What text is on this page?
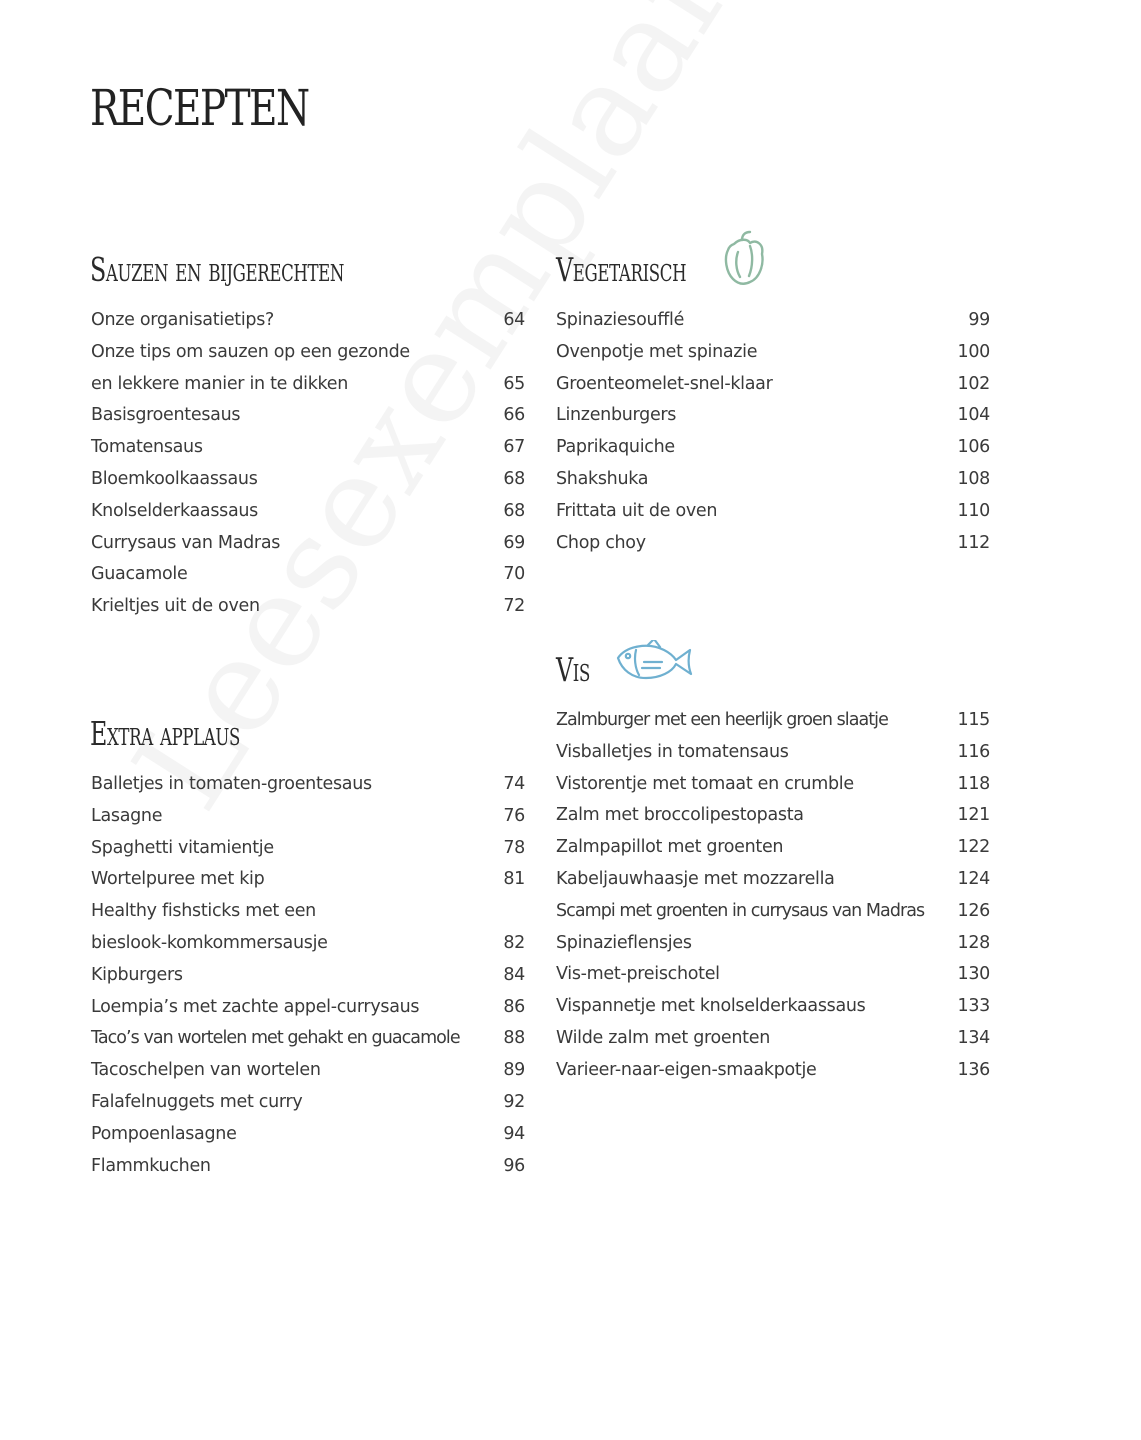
RECEPTEN
Sauzen en bijgerechten
Onze organisatietips?	64
Onze tips om sauzen op een gezonde
en lekkere manier in te dikken	65
Basisgroentesaus	66
Tomatensaus	67
Bloemkoolkaassaus	68
Knolselderkaassaus	68
Currysaus van Madras	69
Guacamole	70
Krieltjes uit de oven	72
Extra applaus
Balletjes in tomaten-groentesaus	74
Lasagne	76
Spaghetti vitamientje	78
Wortelpuree met kip	81
Healthy fishsticks met een
bieslook-komkommersausje	82
Kipburgers	84
Loempia’s met zachte appel-currysaus	86
Taco’s van wortelen met gehakt en guacamole 88
Tacoschelpen van wortelen	89
Falafelnuggets met curry	92
Pompoenlasagne	94
Flammkuchen	96
Vegetarisch
Spinaziesoufflé	99
Ovenpotje met spinazie	100
Groenteomelet-snel-klaar	102
Linzenburgers	104
Paprikaquiche	106
Shakshuka	108
Frittata uit de oven	110
Chop choy	112
Vis
Zalmburger met een heerlijk groen slaatje	115
Visballetjes in tomatensaus	116
Vistorentje met tomaat en crumble	118
Zalm met broccolipestopasta	121
Zalmpapillot met groenten	122
Kabeljauwhaasje met mozzarella	124
Scampi met groenten in currysaus van Madras 126
Spinazieflensjes	128
Vis-met-preischotel	130
Vispannetje met knolselderkaassaus	133
Wilde zalm met groenten	134
Varieer-naar-eigen-smaakpotje	136
